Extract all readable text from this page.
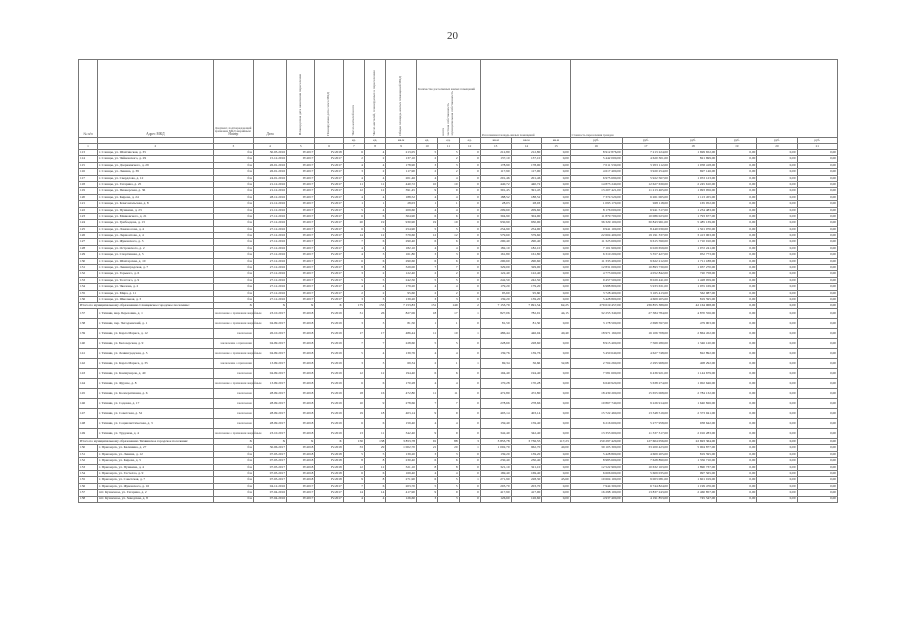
20
№ п/п	Адрес МКД	Документ, подтверждающий признание МКД аварийным
Номер	Дата	Планируемая дата окончания переселения	Планируемая дата сноса МКД	Число жителей всего	Число жителей, планируемых к переселению	Общая площадь жилых помещений МКД	Количество расселяемых жилых помещений
всего частная собственность муниципальная собственность			Расселяемая площадь жилых помещений			Стоимость переселения граждан					

						ед.	ед.	кв.м	ед.	ед.	ед.	кв.м	кв.м	кв.м	руб.	руб.	руб.	руб.	руб.	руб.
1	2	3	4	5	6	7	8	9	10	11	12	13	14	15	16	17	18	19	20	21
113	г. Сланцы, ул. Шахтинская, д. 35	б/н	30.03.2016	IV.2017	IV.2018	6	4	213,05	5	5	0	212,80	212,80	0,00	8 912 876,00	7 213 224,00	1 699 652,00	0,00	0,00	0,00
114	г. Сланцы, ул. Чайковского, д. 29	б/н	15.12.2016	IV.2017	IV.2017	2	2	137,10	2	2	0	137,10	137,10	0,00	5 442 000,00	4 620 301,00	821 699,00	0,00	0,00	0,00
115	г. Сланцы, ул. Дзержинского, д. 29	б/н	26.01.2016	IV.2017	IV.2017	4	4	178,90	3	3	0	178,90	178,90	0,00	7 011 530,00	5 953 112,00	1 058 418,00	0,00	0,00	0,00
116	г. Сланцы, ул. Ленина, д. 39	б/н	26.01.2016	IV.2017	IV.2017	3	2	117,90	2	2	0	117,90	117,90	0,00	4 617 400,00	3 920 254,00	697 146,00	0,00	0,00	0,00
117	г. Сланцы, ул. Свердлова, д. 12	б/н	24.01.2016	IV.2017	IV.2017	4	4	201,46	4	4	0	201,46	201,46	0,00	6 975 690,00	5 922 567,00	1 053 123,00	0,00	0,00	0,00
118	г. Сланцы, ул. Гагарина, д. 25	б/н	21.12.2016	IV.2017	IV.2017	11	11	440,72	10	10	0	440,72	440,72	0,00	14 873 240,00	12 627 630,00	2 245 610,00	0,00	0,00	0,00
119	г. Сланцы, ул. Пионерская, д. 36	б/н	21.12.2016	IV.2017	IV.2017	12	12	391,45	9	9	0	391,45	391,45	0,00	13 207 421,00	11 213 465,00	1 993 956,00	0,00	0,00	0,00
120	г. Сланцы, ул. Кирова, д. 24	б/н	28.12.2016	IV.2017	IV.2017	4	4	188,52	4	4	0	188,52	188,52	0,00	7 374 520,00	6 261 065,00	1 113 455,00	0,00	0,00	0,00
121	г. Сланцы, ул. Комсомольская, д. 8	б/н	21.12.2016	IV.2017	IV.2017	1	1	28,03	1	1	0	28,03	28,03	0,00	1 093 170,00	928 118,00	165 052,00	0,00	0,00	0,00
122	г. Сланцы, ул. Пушкина, д. 23	б/н	21.12.2016	IV.2017	IV.2017	5	4	209,60	4	4	0	209,60	209,60	0,00	8 176 000,00	6 941 517,00	1 234 483,00	0,00	0,00	0,00
123	г. Сланцы, ул. Маяковского, д. 21	б/н	27.12.2016	IV.2017	IV.2017	6	6	304,90	6	6	0	304,90	304,90	0,00	11 879 700,00	10 086 023,00	1 793 677,00	0,00	0,00	0,00
124	г. Сланцы, ул. Грибоедова, д. 13	б/н	27.12.2016	IV.2017	IV.2017	20	19	930,90	19	19	0	930,90	930,90	0,00	36 329 100,00	30 843 961,00	5 485 139,00	0,00	0,00	0,00
125	г. Сланцы, ул. Ломоносова, д. 4	б/н	27.12.2016	IV.2017	IV.2017	6	5	254,90	5	5	0	254,90	254,90	0,00	9 941 100,00	8 440 030,00	1 501 070,00	0,00	0,00	0,00
126	г. Сланцы, ул. Лермонтова, д. 4	б/н	27.12.2016	IV.2017	IV.2017	14	12	579,60	12	12	0	579,60	579,60	0,00	22 604 400,00	19 191 337,00	3 413 063,00	0,00	0,00	0,00
127	г. Сланцы, ул. Жуковского, д. 3	б/н	27.12.2016	IV.2017	IV.2017	7	6	290,40	6	6	0	290,40	290,40	0,00	11 325 600,00	9 615 590,00	1 710 010,00	0,00	0,00	0,00
128	г. Сланцы, ул. Островского, д. 2	б/н	27.12.2016	IV.2017	IV.2017	4	4	182,10	4	4	0	182,10	182,10	0,00	7 101 900,00	6 029 659,00	1 072 241,00	0,00	0,00	0,00
129	г. Сланцы, ул. Спортивная, д. 5	б/н	27.12.2016	IV.2017	IV.2017	4	3	161,80	3	3	0	161,80	161,80	0,00	6 310 200,00	5 357 427,00	952 773,00	0,00	0,00	0,00
130	г. Сланцы, ул. Шахтерская, д. 10	б/н	27.12.2016	IV.2017	IV.2017	6	6	290,60	6	6	0	290,60	290,60	0,00	11 333 400,00	9 622 212,00	1 711 188,00	0,00	0,00	0,00
131	г. Сланцы, ул. Ленинградская, д. 7	б/н	27.12.2016	IV.2017	IV.2017	8	8	329,00	7	7	0	329,00	329,00	0,00	12 831 000,00	10 893 730,00	1 937 270,00	0,00	0,00	0,00
132	г. Сланцы, ул. Горького, д. 6	б/н	27.12.2016	IV.2017	IV.2017	3	2	122,40	2	2	0	122,40	122,40	0,00	4 773 600,00	4 052 842,00	720 758,00	0,00	0,00	0,00
133	г. Сланцы, ул. Толстого, д. 9	б/н	27.12.2016	IV.2017	IV.2017	5	5	242,50	5	5	0	242,50	242,50	0,00	9 457 500,00	8 029 441,00	1 428 059,00	0,00	0,00	0,00
134	г. Сланцы, ул. Чкалова, д. 2	б/н	27.12.2016	IV.2017	IV.2017	4	4	179,20	4	4	0	179,20	179,20	0,00	6 988 800,00	5 933 631,00	1 055 169,00	0,00	0,00	0,00
135	г. Сланцы, ул. Мира, д. 11	б/н	27.12.2016	IV.2017	IV.2017	2	2	95,60	2	2	0	95,60	95,60	0,00	3 728 400,00	3 165 413,00	562 987,00	0,00	0,00	0,00
136	г. Сланцы, ул. Школьная, д. 3	б/н	27.12.2016	IV.2017	IV.2017	3	3	139,20	3	3	0	139,20	139,20	0,00	5 428 800,00	4 609 205,00	819 595,00	0,00	0,00	0,00
Итого по муниципальному образованию Сланцевское городское поселение:		X	X	X	X	175	155	7 153,83	151	149	2	7 153,79	7 091,54	62,25	279 019 457,00	236 855 389,00	42 164 068,00	0,00	0,00	0,00
137	г. Тихвин, мкр. Березовик, д. 1	заключение о признании аварийным	23.10.2017	IV.2018	IV.2019	31	26	827,06	18	17	1	827,06	782,91	44,15	32 255 340,00	27 384 784,00	4 870 556,00	0,00	0,00	0,00
138	г. Тихвин, пер. Чегодаевский, д. 1	заключение о признании аварийным	04.09.2017	IV.2018	IV.2019	3	3	81,50	1	1	0	81,50	81,50	0,00	3 178 500,00	2 698 597,00	479 903,00	0,00	0,00	0,00
139	г. Тихвин, ул. Карла Маркса, д. 12	заключение	26.10.2017	IV.2018	IV.2019	17	17	486,44	11	10	1	486,44	446,04	40,40	18 971 160,00	16 106 708,00	2 864 452,00	0,00	0,00	0,00
140	г. Тихвин, ул. Белозерская, д. 9	заключение о признании	04.09.2017	IV.2018	IV.2019	7	7	228,60	5	5	0	228,60	228,60	0,00	8 915 400,00	7 569 280,00	1 346 120,00	0,00	0,00	0,00
141	г. Тихвин, ул. Ленинградская, д. 5	заключение о признании аварийным	04.09.2017	IV.2018	IV.2019	5	4	139,76	4	4	0	139,76	139,76	0,00	5 450 640,00	4 627 748,00	822 892,00	0,00	0,00	0,00
142	г. Тихвин, ул. Карла Маркса, д. 35	заключение о признании	13.09.2017	IV.2018	IV.2019	3	3	69,34	2	1	1	69,34	36,66	32,68	2 704 260,00	2 295 968,00	408 292,00	0,00	0,00	0,00
143	г. Тихвин, ул. Коммунаров, д. 40	заключение	04.09.2017	IV.2018	IV.2019	12	12	194,40	6	6	0	194,40	194,40	0,00	7 581 600,00	6 436 921,00	1 144 679,00	0,00	0,00	0,00
144	г. Тихвин, ул. Фрунзе, д. 8	заключение о признании аварийным	13.09.2017	IV.2018	IV.2019	6	6	170,28	4	4	0	170,28	170,28	0,00	6 640 920,00	5 638 274,00	1 002 646,00	0,00	0,00	0,00
145	г. Тихвин, ул. Кооперативная, д. 6	заключение	28.09.2017	IV.2018	IV.2019	18	16	472,80	11	11	0	472,80	472,80	0,00	18 439 200,00	15 655 068,00	2 784 132,00	0,00	0,00	0,00
146	г. Тихвин, ул. Садовая, д. 17	заключение	28.09.2017	IV.2018	IV.2019	10	9	278,66	7	7	0	278,66	278,66	0,00	10 867 740,00	9 226 914,00	1 640 826,00	0,00	0,00	0,00
147	г. Тихвин, ул. Советская, д. 52	заключение	28.09.2017	IV.2018	IV.2019	19	18	403,14	9	9	0	403,14	403,14	0,00	15 722 460,00	13 348 519,00	2 373 941,00	0,00	0,00	0,00
148	г. Тихвин, ул. Социалистическая, д. 3	заключение	28.09.2017	IV.2018	IV.2019	6	6	159,40	4	4	0	159,40	159,40	0,00	6 216 600,00	5 277 958,00	938 642,00	0,00	0,00	0,00
149	г. Тихвин, ул. Трудовая, д. 4	заключение о признании аварийным	23.10.2017	IV.2018	IV.2019	13	11	342,40	9	9	0	342,40	342,40	0,00	13 353 600,00	11 337 317,00	2 016 283,00	0,00	0,00	0,00
Итого по муниципальному образованию Тихвинское городское поселение:		X	X	X	X	150	138	3 853,78	91	88	3	3 853,78	3 736,55	117,23	150 297 420,00	127 604 056,00	22 693 364,00	0,00	0,00	0,00
150	г. Приозерск, ул. Калинина, д. 27	б/н	30.06.2017	IV.2018	IV.2018	33	29	1 002,70	21	20	1	1 002,70	962,70	40,00	39 105 300,00	33 200 423,00	5 904 877,00	0,00	0,00	0,00
151	г. Приозерск, ул. Ленина, д. 12	б/н	07.03.2017	IV.2018	IV.2018	5	5	139,20	3	3	0	139,20	139,20	0,00	5 428 800,00	4 609 205,00	819 595,00	0,00	0,00	0,00
152	г. Приозерск, ул. Кирова, д. 5	б/н	07.03.2017	IV.2018	IV.2018	8	8	230,40	6	6	0	230,40	230,40	0,00	8 985 600,00	7 628 890,00	1 356 710,00	0,00	0,00	0,00
153	г. Приозерск, ул. Пушкина, д. 4	б/н	07.03.2017	IV.2018	IV.2018	12	12	321,10	8	8	0	321,10	321,10	0,00	12 522 900,00	10 632 163,00	1 890 737,00	0,00	0,00	0,00
154	г. Приозерск, ул. Гастелло, д. 9	б/н	07.03.2017	IV.2018	IV.2018	6	6	169,40	4	4	0	169,40	169,40	0,00	6 606 600,00	5 609 035,00	997 565,00	0,00	0,00	0,00
155	г. Приозерск, ул. Советская, д. 7	б/н	07.03.2017	IV.2018	IV.2018	9	8	271,90	6	5	1	271,90	228,30	43,60	10 604 100,00	9 003 081,00	1 601 019,00	0,00	0,00	0,00
156	г. Приозерск, ул. Жуковского, д. 16	б/н	04.12.2016	IV.2017	IV.2017	7	6	203,70	5	5	0	203,70	203,70	0,00	7 944 300,00	6 744 824,00	1 199 476,00	0,00	0,00	0,00
157	пгт. Кузнечное, ул. Гагарина, д. 2	б/н	07.04.2016	IV.2017	IV.2017	14	14	417,90	9	9	0	417,90	417,90	0,00	16 298 100,00	13 837 243,00	2 460 857,00	0,00	0,00	0,00
158	пгт. Кузнечное, ул. Заводская, д. 8	б/н	07.04.2016	IV.2017	IV.2017	4	4	126,60	3	3	0	126,60	126,60	0,00	4 937 400,00	4 191 853,00	745 547,00	0,00	0,00	0,00
